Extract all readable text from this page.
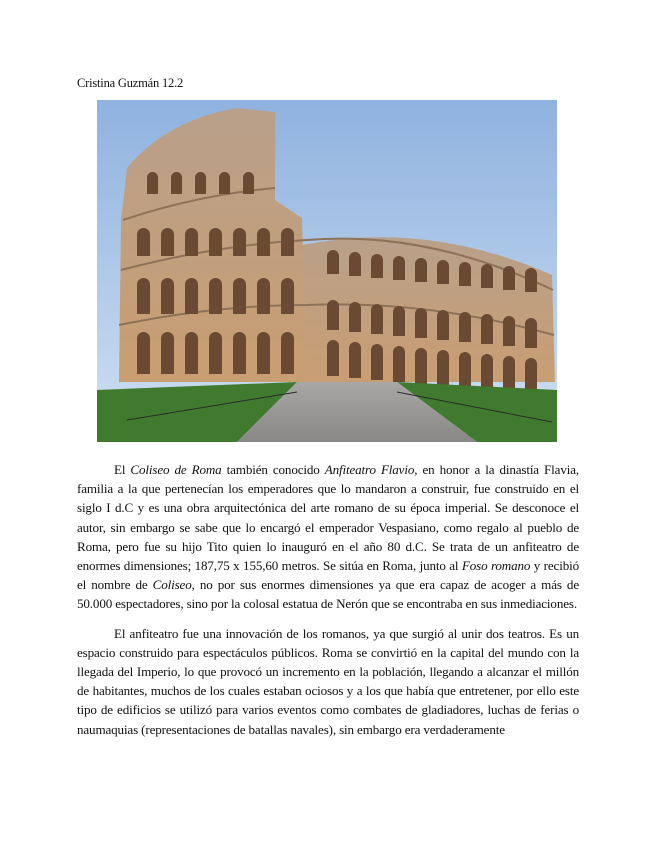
Cristina Guzmán 12.2

El Coliseo de Roma también conocido Anfiteatro Flavio, en honor a la dinastía Flavia, familia a la que pertenecían los emperadores que lo mandaron a construir, fue construido en el siglo I d.C y es una obra arquitectónica del arte romano de su época imperial. Se desconoce el autor, sin embargo se sabe que lo encargó el emperador Vespasiano, como regalo al pueblo de Roma, pero fue su hijo Tito quien lo inauguró en el año 80 d.C. Se trata de un anfiteatro de enormes dimensiones; 187,75 x 155,60 metros. Se sitúa en Roma, junto al Foso romano y recibió el nombre de Coliseo, no por sus enormes dimensiones ya que era capaz de acoger a más de 50.000 espectadores, sino por la colosal estatua de Nerón que se encontraba en sus inmediaciones.

El anfiteatro fue una innovación de los romanos, ya que surgió al unir dos teatros. Es un espacio construido para espectáculos públicos. Roma se convirtió en la capital del mundo con la llegada del Imperio, lo que provocó un incremento en la población, llegando a alcanzar el millón de habitantes, muchos de los cuales estaban ociosos y a los que había que entretener, por ello este tipo de edificios se utilizó para varios eventos como combates de gladiadores, luchas de ferias o naumaquias (representaciones de batallas navales), sin embargo era verdaderamente
